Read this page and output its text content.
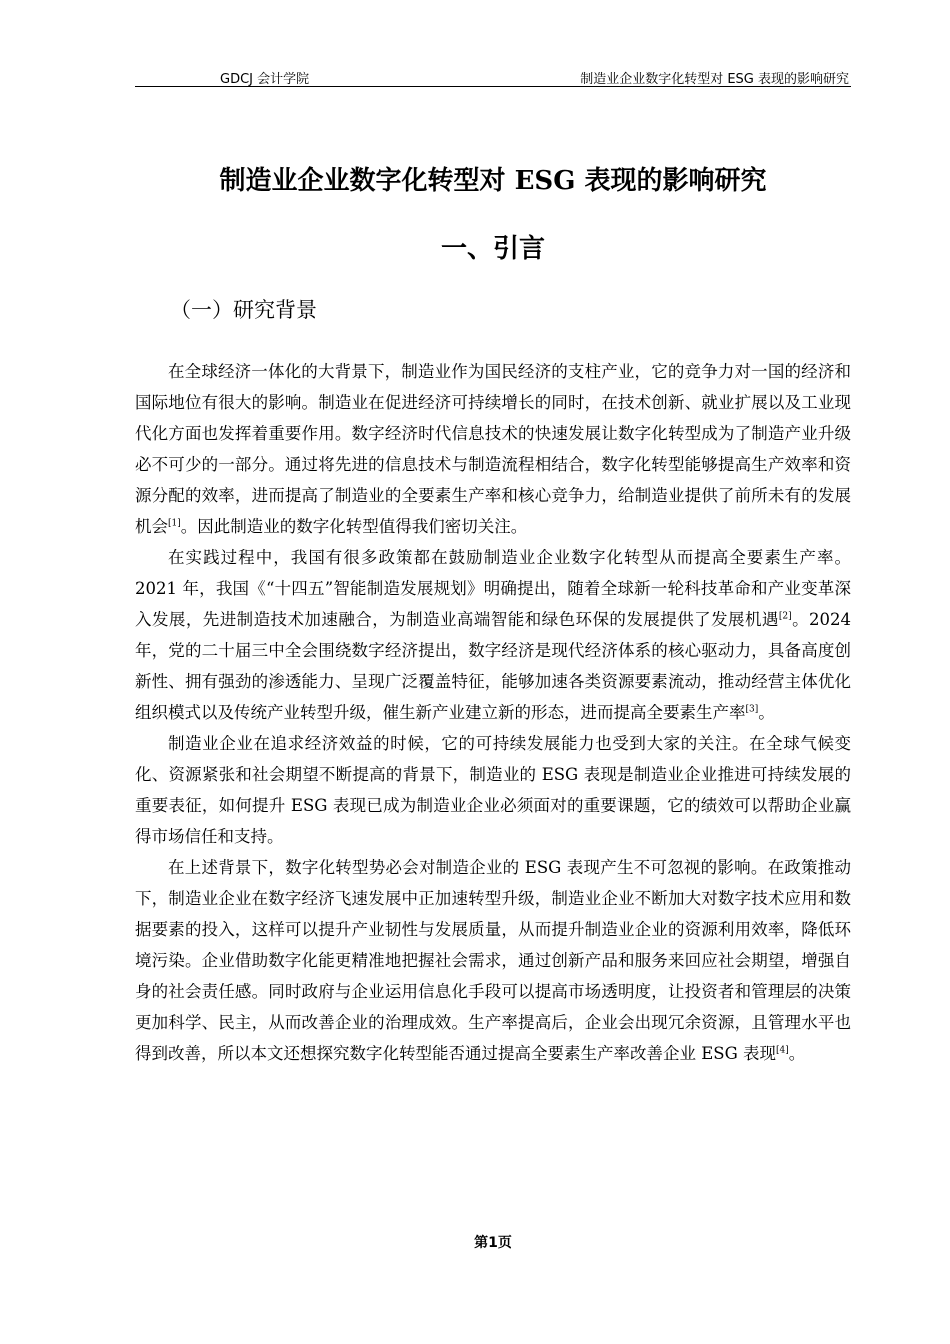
GDCJ 会计学院	制造业企业数字化转型对 ESG 表现的影响研究
制造业企业数字化转型对 ESG 表现的影响研究
一、引言
（一）研究背景

在全球经济一体化的大背景下，制造业作为国民经济的支柱产业，它的竞争力对一国的经济和国际地位有很大的影响。制造业在促进经济可持续增长的同时，在技术创新、就业扩展以及工业现代化方面也发挥着重要作用。数字经济时代信息技术的快速发展让数字化转型成为了制造产业升级必不可少的一部分。通过将先进的信息技术与制造流程相结合，数字化转型能够提高生产效率和资源分配的效率，进而提高了制造业的全要素生产率和核心竞争力，给制造业提供了前所未有的发展机会[1]。因此制造业的数字化转型值得我们密切关注。

在实践过程中，我国有很多政策都在鼓励制造业企业数字化转型从而提高全要素生产率。2021 年，我国《“十四五”智能制造发展规划》明确提出，随着全球新一轮科技革命和产业变革深入发展，先进制造技术加速融合，为制造业高端智能和绿色环保的发展提供了发展机遇[2]。2024 年，党的二十届三中全会围绕数字经济提出，数字经济是现代经济体系的核心驱动力，具备高度创新性、拥有强劲的渗透能力、呈现广泛覆盖特征，能够加速各类资源要素流动，推动经营主体优化组织模式以及传统产业转型升级，催生新产业建立新的形态，进而提高全要素生产率[3]。

制造业企业在追求经济效益的时候，它的可持续发展能力也受到大家的关注。在全球气候变化、资源紧张和社会期望不断提高的背景下，制造业的 ESG 表现是制造业企业推进可持续发展的重要表征，如何提升 ESG 表现已成为制造业企业必须面对的重要课题，它的绩效可以帮助企业赢得市场信任和支持。

在上述背景下，数字化转型势必会对制造企业的 ESG 表现产生不可忽视的影响。在政策推动下，制造业企业在数字经济飞速发展中正加速转型升级，制造业企业不断加大对数字技术应用和数据要素的投入，这样可以提升产业韧性与发展质量，从而提升制造业企业的资源利用效率，降低环境污染。企业借助数字化能更精准地把握社会需求，通过创新产品和服务来回应社会期望，增强自身的社会责任感。同时政府与企业运用信息化手段可以提高市场透明度，让投资者和管理层的决策更加科学、民主，从而改善企业的治理成效。生产率提高后，企业会出现冗余资源，且管理水平也得到改善，所以本文还想探究数字化转型能否通过提高全要素生产率改善企业 ESG 表现[4]。

第1页
